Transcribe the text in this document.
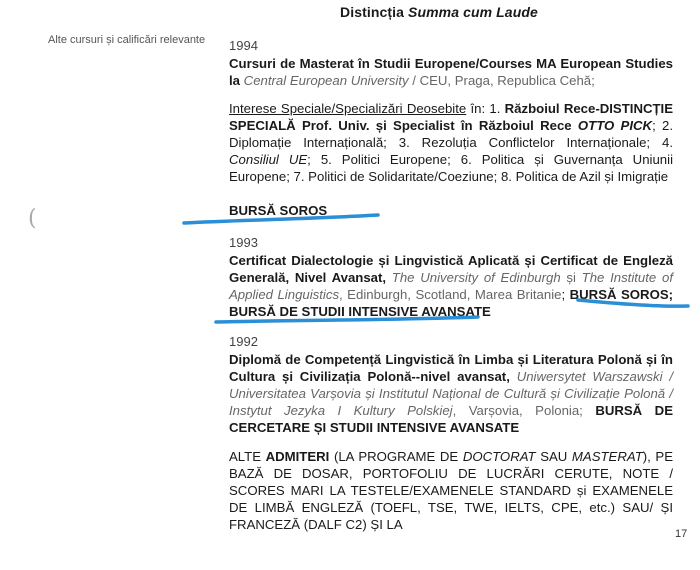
Distincția Summa cum Laude
Alte cursuri și calificări relevante
(
1994
Cursuri de Masterat în Studii Europene/Courses MA European Studies la Central European University / CEU, Praga, Republica Cehă;
Interese Speciale/Specializări Deosebite în: 1. Războiul Rece-DISTINCȚIE SPECIALĂ Prof. Univ. și Specialist în Războiul Rece OTTO PICK; 2. Diplomație Internațională; 3. Rezoluția Conflictelor Internaționale; 4. Consiliul UE; 5. Politici Europene; 6. Politica și Guvernanța Uniunii Europene; 7. Politici de Solidaritate/Coeziune; 8. Politica de Azil și Imigrație
BURSĂ SOROS
1993
Certificat Dialectologie și Lingvistică Aplicată și Certificat de Engleză Generală, Nivel Avansat, The University of Edinburgh și The Institute of Applied Linguistics, Edinburgh, Scotland, Marea Britanie; BURSĂ SOROS; BURSĂ DE STUDII INTENSIVE AVANSATE
1992
Diplomă de Competență Lingvistică în Limba și Literatura Polonă și în Cultura și Civilizația Polonă--nivel avansat, Uniwersytet Warszawski / Universitatea Varșovia și Institutul Național de Cultură și Civilizație Polonă / Instytut Jezyka I Kultury Polskiej, Varșovia, Polonia; BURSĂ DE CERCETARE ȘI STUDII INTENSIVE AVANSATE
ALTE ADMITERI (LA PROGRAME DE DOCTORAT SAU MASTERAT), PE BAZĂ DE DOSAR, PORTOFOLIU DE LUCRĂRI CERUTE, NOTE / SCORES MARI LA TESTELE/EXAMENELE STANDARD și EXAMENELE DE LIMBĂ ENGLEZĂ (TOEFL, TSE, TWE, IELTS, CPE, etc.) SAU/ ȘI FRANCEZĂ (DALF C2) ȘI LA
17
